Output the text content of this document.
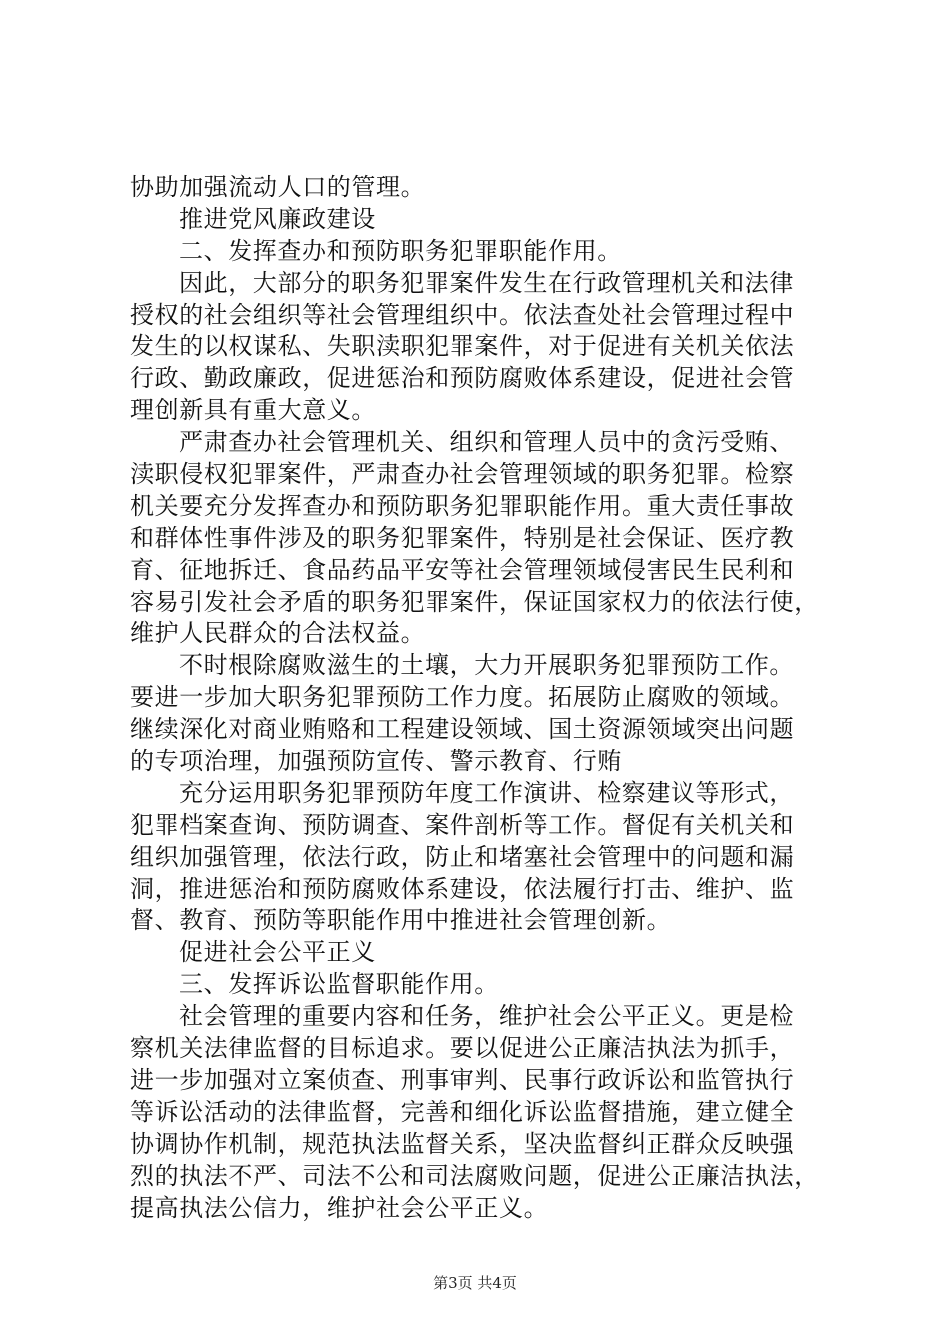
协助加强流动人口的管理。
推进党风廉政建设
二、发挥查办和预防职务犯罪职能作用。
因此，大部分的职务犯罪案件发生在行政管理机关和法律
授权的社会组织等社会管理组织中。依法查处社会管理过程中
发生的以权谋私、失职渎职犯罪案件，对于促进有关机关依法
行政、勤政廉政，促进惩治和预防腐败体系建设，促进社会管
理创新具有重大意义。
严肃查办社会管理机关、组织和管理人员中的贪污受贿、
渎职侵权犯罪案件，严肃查办社会管理领域的职务犯罪。检察
机关要充分发挥查办和预防职务犯罪职能作用。重大责任事故
和群体性事件涉及的职务犯罪案件，特别是社会保证、医疗教
育、征地拆迁、食品药品平安等社会管理领域侵害民生民利和
容易引发社会矛盾的职务犯罪案件，保证国家权力的依法行使，
维护人民群众的合法权益。
不时根除腐败滋生的土壤，大力开展职务犯罪预防工作。
要进一步加大职务犯罪预防工作力度。拓展防止腐败的领域。
继续深化对商业贿赂和工程建设领域、国土资源领域突出问题
的专项治理，加强预防宣传、警示教育、行贿
充分运用职务犯罪预防年度工作演讲、检察建议等形式，
犯罪档案查询、预防调查、案件剖析等工作。督促有关机关和
组织加强管理，依法行政，防止和堵塞社会管理中的问题和漏
洞，推进惩治和预防腐败体系建设，依法履行打击、维护、监
督、教育、预防等职能作用中推进社会管理创新。
促进社会公平正义
三、发挥诉讼监督职能作用。
社会管理的重要内容和任务，维护社会公平正义。更是检
察机关法律监督的目标追求。要以促进公正廉洁执法为抓手，
进一步加强对立案侦查、刑事审判、民事行政诉讼和监管执行
等诉讼活动的法律监督，完善和细化诉讼监督措施，建立健全
协调协作机制，规范执法监督关系，坚决监督纠正群众反映强
烈的执法不严、司法不公和司法腐败问题，促进公正廉洁执法，
提高执法公信力，维护社会公平正义。
第3页 共4页
